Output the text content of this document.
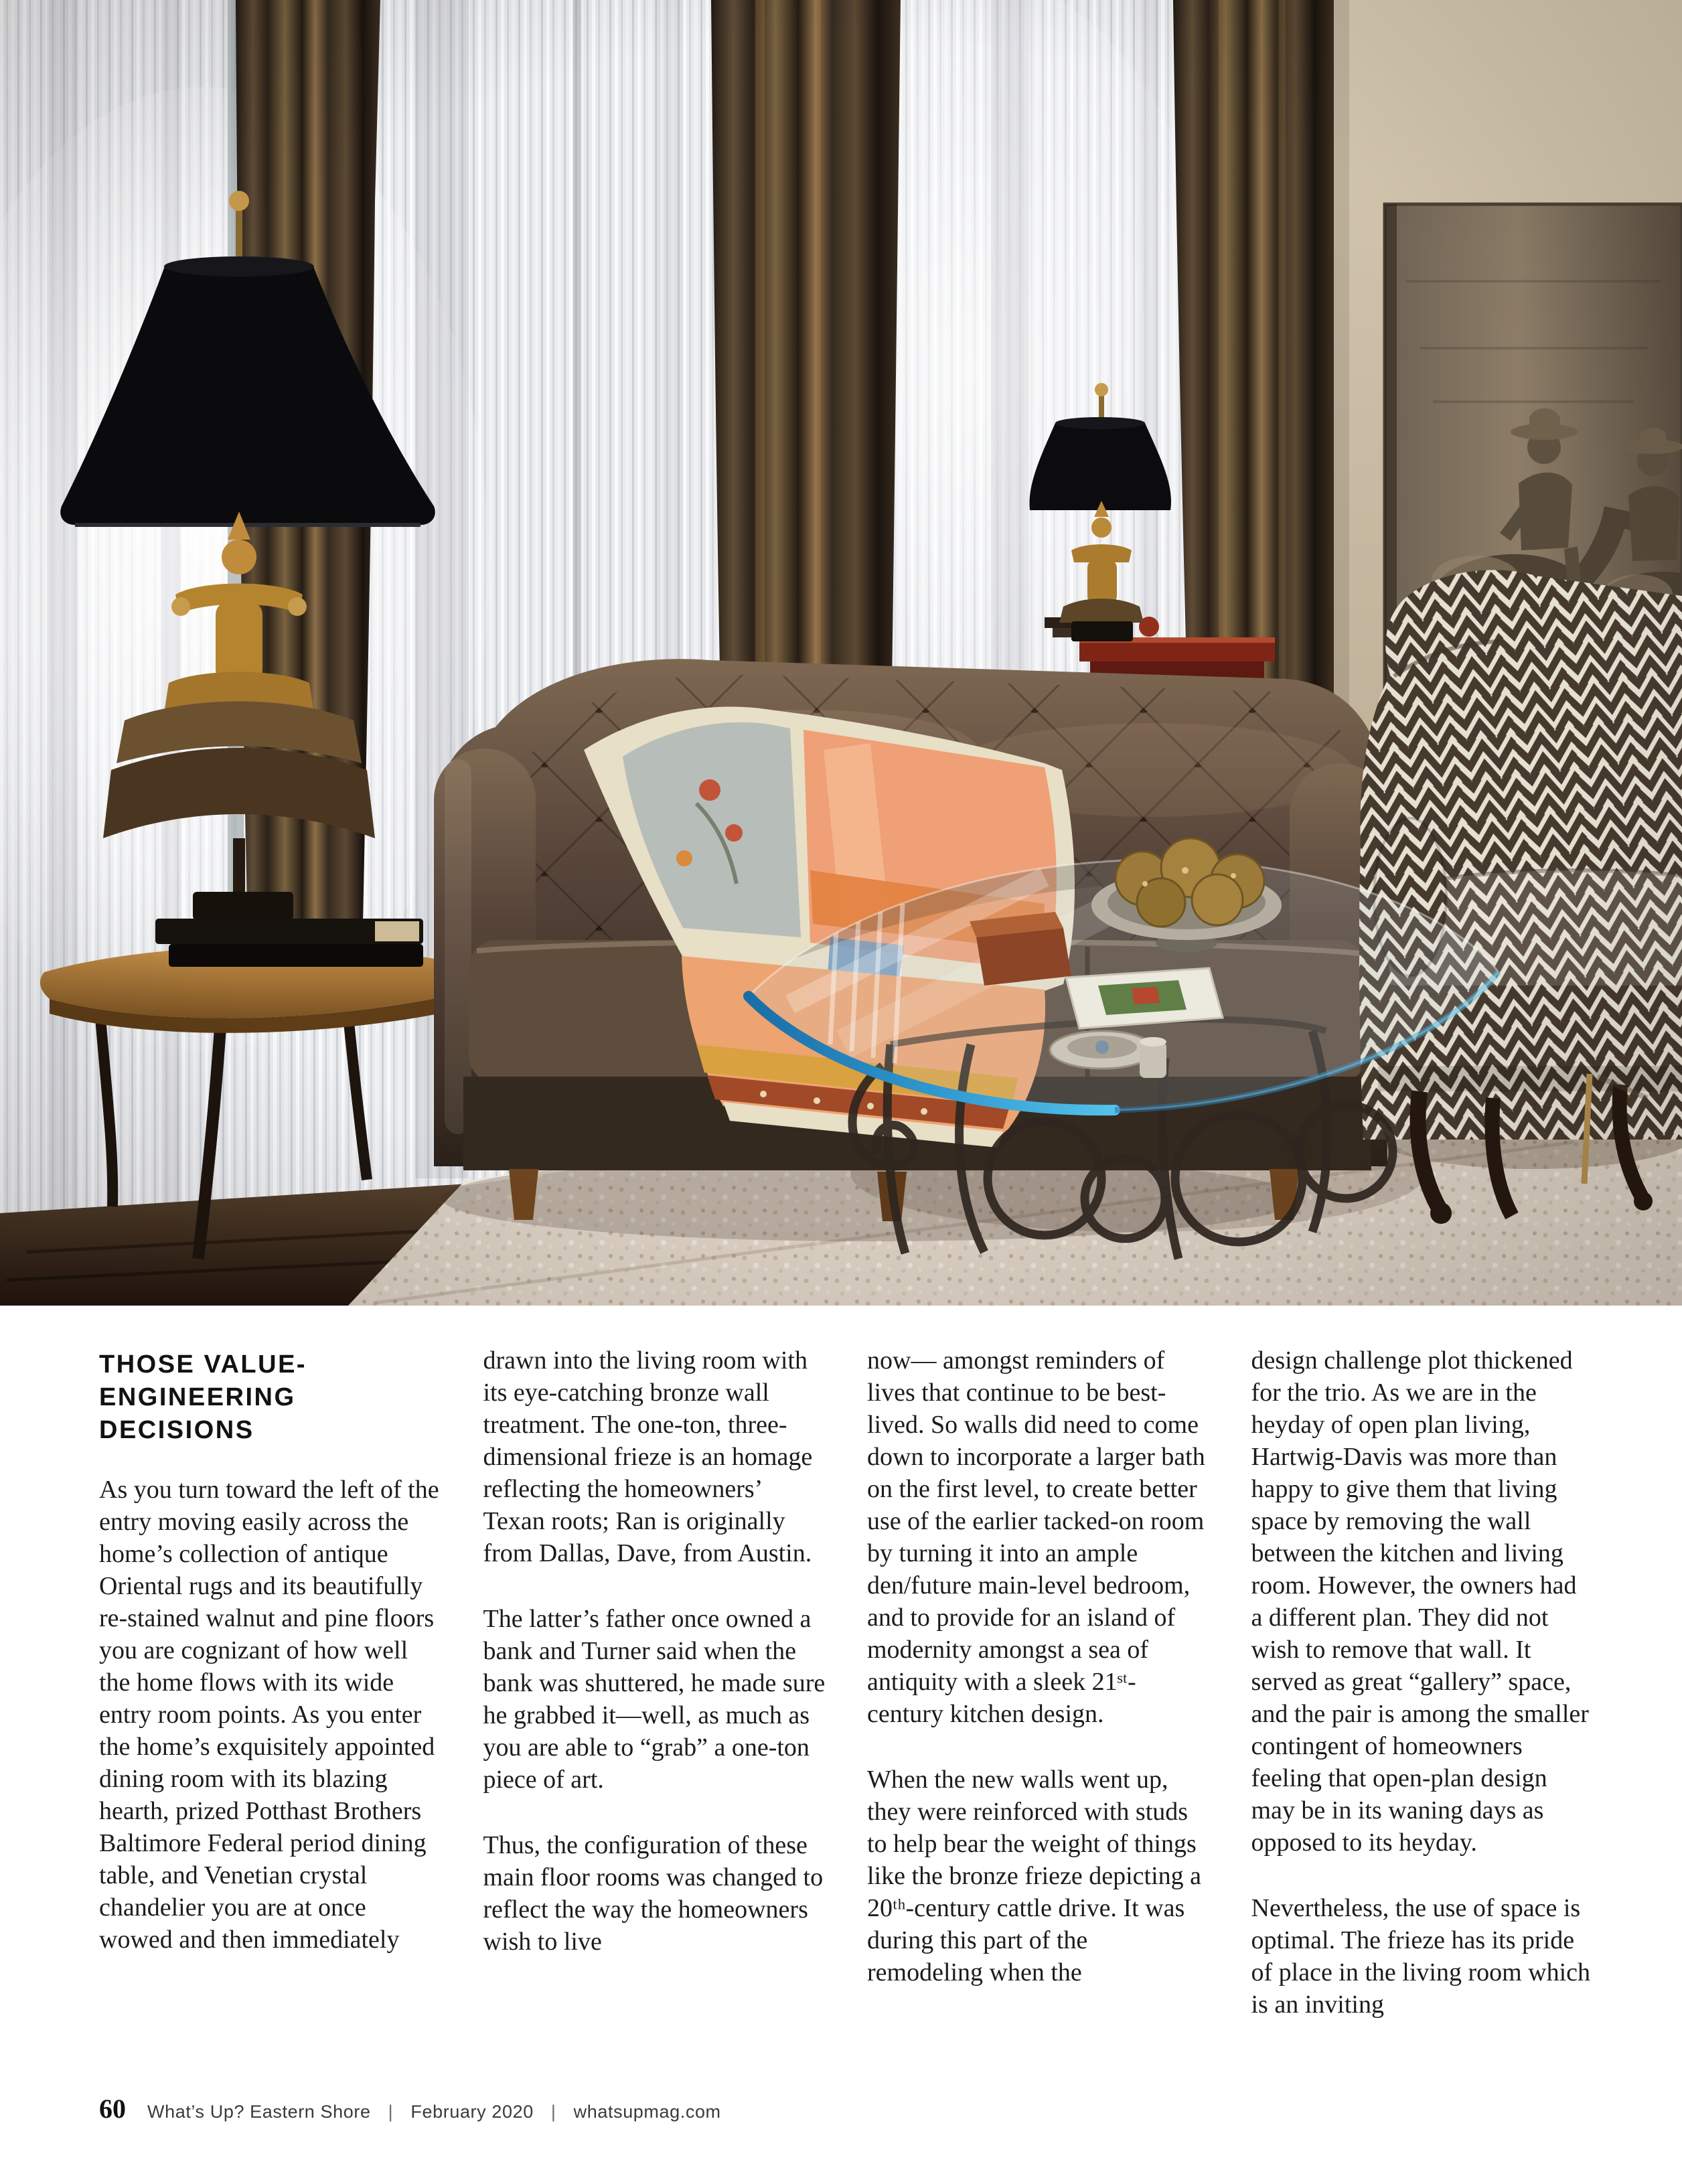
THOSE VALUE-
ENGINEERING
DECISIONS

As you turn toward the left of the entry moving easily across the home’s collection of antique Oriental rugs and its beautifully re-stained walnut and pine floors you are cognizant of how well the home flows with its wide entry room points. As you enter the home’s exquisitely appointed dining room with its blazing hearth, prized Potthast Brothers Baltimore Federal period dining table, and Venetian crystal chandelier you are at once wowed and then immediately

drawn into the living room with its eye-catching bronze wall treatment. The one-ton, three-dimensional frieze is an homage reflecting the homeowners’ Texan roots; Ran is originally from Dallas, Dave, from Austin.

The latter’s father once owned a bank and Turner said when the bank was shuttered, he made sure he grabbed it—well, as much as you are able to “grab” a one-ton piece of art.

Thus, the configuration of these main floor rooms was changed to reflect the way the homeowners wish to live

now— amongst reminders of lives that continue to be best-lived. So walls did need to come down to incorporate a larger bath on the first level, to create better use of the earlier tacked-on room by turning it into an ample den/future main-level bedroom, and to provide for an island of modernity amongst a sea of antiquity with a sleek 21ˢᵗ-century kitchen design.

When the new walls went up, they were reinforced with studs to help bear the weight of things like the bronze frieze depicting a 20ᵗʰ-century cattle drive. It was during this part of the remodeling when the

design challenge plot thickened for the trio. As we are in the heyday of open plan living, Hartwig-Davis was more than happy to give them that living space by removing the wall between the kitchen and living room. However, the owners had a different plan. They did not wish to remove that wall. It served as great “gallery” space, and the pair is among the smaller contingent of homeowners feeling that open-plan design may be in its waning days as opposed to its heyday.

Nevertheless, the use of space is optimal. The frieze has its pride of place in the living room which is an inviting

60 What’s Up? Eastern Shore | February 2020 | whatsupmag.com
